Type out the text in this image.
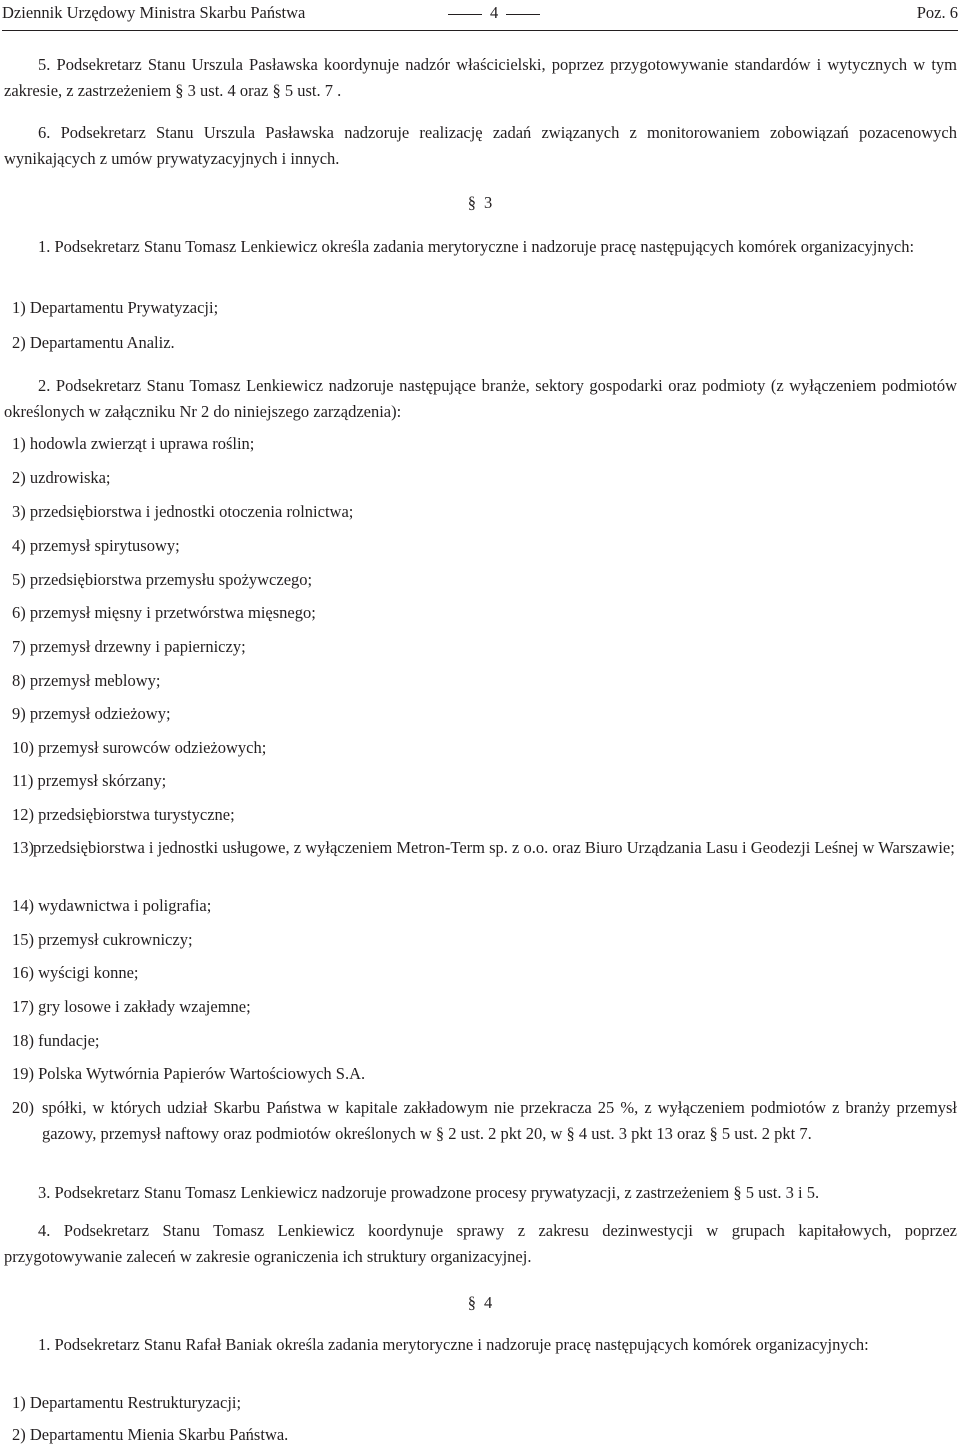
Dziennik Urzędowy Ministra Skarbu Państwa	4	Poz. 6
5. Podsekretarz Stanu Urszula Pasławska koordynuje nadzór właścicielski, poprzez przygotowywanie standardów i wytycznych w tym zakresie, z zastrzeżeniem § 3 ust. 4 oraz § 5 ust. 7 .
6. Podsekretarz Stanu Urszula Pasławska nadzoruje realizację zadań związanych z monitorowaniem zobowiązań pozacenowych wynikających z umów prywatyzacyjnych i innych.
§ 3
1. Podsekretarz Stanu Tomasz Lenkiewicz określa zadania merytoryczne i nadzoruje pracę następujących komórek organizacyjnych:
1) Departamentu Prywatyzacji;
2) Departamentu Analiz.
2. Podsekretarz Stanu Tomasz Lenkiewicz nadzoruje następujące branże, sektory gospodarki oraz podmioty (z wyłączeniem podmiotów określonych w załączniku Nr 2 do niniejszego zarządzenia):
1) hodowla zwierząt i uprawa roślin;
2) uzdrowiska;
3) przedsiębiorstwa i jednostki otoczenia rolnictwa;
4) przemysł spirytusowy;
5) przedsiębiorstwa przemysłu spożywczego;
6) przemysł mięsny i przetwórstwa mięsnego;
7) przemysł drzewny i papierniczy;
8) przemysł meblowy;
9) przemysł odzieżowy;
10) przemysł surowców odzieżowych;
11) przemysł skórzany;
12) przedsiębiorstwa turystyczne;
13) przedsiębiorstwa i jednostki usługowe, z wyłączeniem Metron-Term sp. z o.o. oraz Biuro Urządzania Lasu i Geodezji Leśnej w Warszawie;
14) wydawnictwa i poligrafia;
15) przemysł cukrowniczy;
16) wyścigi konne;
17) gry losowe i zakłady wzajemne;
18) fundacje;
19) Polska Wytwórnia Papierów Wartościowych S.A.
20) spółki, w których udział Skarbu Państwa w kapitale zakładowym nie przekracza 25 %, z wyłączeniem podmiotów z branży przemysł gazowy, przemysł naftowy oraz podmiotów określonych w § 2 ust. 2 pkt 20, w § 4 ust. 3 pkt 13 oraz § 5 ust. 2 pkt 7.
3. Podsekretarz Stanu Tomasz Lenkiewicz nadzoruje prowadzone procesy prywatyzacji, z zastrzeżeniem § 5 ust. 3 i 5.
4. Podsekretarz Stanu Tomasz Lenkiewicz koordynuje sprawy z zakresu dezinwestycji w grupach kapitałowych, poprzez przygotowywanie zaleceń w zakresie ograniczenia ich struktury organizacyjnej.
§ 4
1. Podsekretarz Stanu Rafał Baniak określa zadania merytoryczne i nadzoruje pracę następujących komórek organizacyjnych:
1) Departamentu Restrukturyzacji;
2) Departamentu Mienia Skarbu Państwa.
